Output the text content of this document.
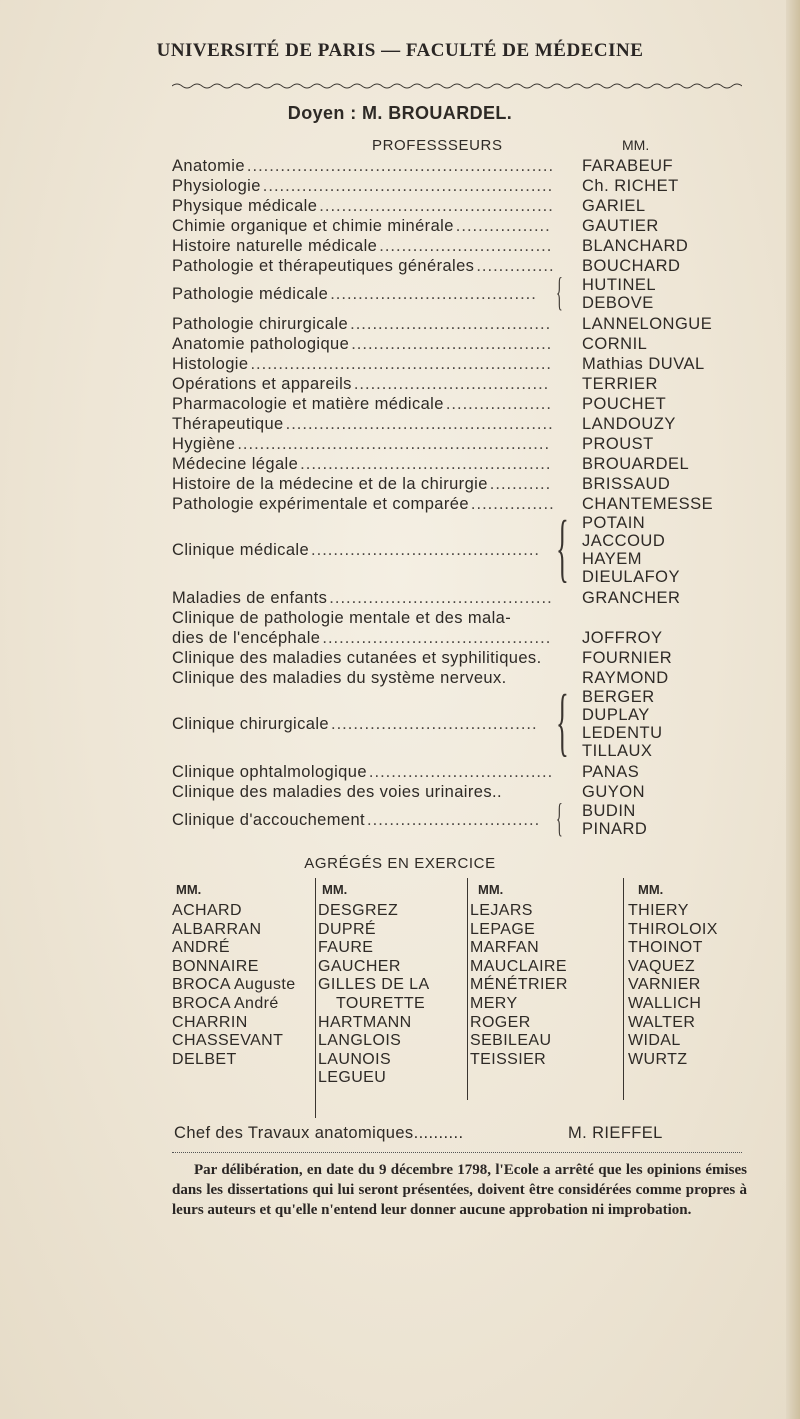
UNIVERSITÉ DE PARIS — FACULTÉ DE MÉDECINE
Doyen : M. BROUARDEL.
PROFESSSEURS	MM.
Anatomie ....................................................... FARABEUF
Physiologie .................................................... Ch. RICHET
Physique médicale .......................................... GARIEL
Chimie organique et chimie minérale ................. GAUTIER
Histoire naturelle médicale ............................... BLANCHARD
Pathologie et thérapeutiques générales .............. BOUCHARD
Pathologie médicale ..................................... { HUTINEL
DEBOVE
Pathologie chirurgicale .................................... LANNELONGUE
Anatomie pathologique .................................... CORNIL
Histologie ...................................................... Mathias DUVAL
Opérations et appareils ................................... TERRIER
Pharmacologie et matière médicale ................... POUCHET
Thérapeutique ................................................ LANDOUZY
Hygiène ........................................................ PROUST
Médecine légale ............................................. BROUARDEL
Histoire de la médecine et de la chirurgie ........... BRISSAUD
Pathologie expérimentale et comparée ............... CHANTEMESSE
Clinique médicale ......................................... { POTAIN
JACCOUD
HAYEM
DIEULAFOY
Maladies de enfants ........................................ GRANCHER
Clinique de pathologie mentale et des mala-
dies de l'encéphale ......................................... JOFFROY
Clinique des maladies cutanées et syphilitiques. FOURNIER
Clinique des maladies du système nerveux.	RAYMOND
Clinique chirurgicale ..................................... { BERGER
DUPLAY
LEDENTU
TILLAUX
Clinique ophtalmologique ................................. PANAS
Clinique des maladies des voies urinaires..	GUYON
Clinique d'accouchement ............................... { BUDIN
PINARD
AGRÉGÉS EN EXERCICE
MM.
ACHARD
ALBARRAN
ANDRÉ
BONNAIRE
BROCA Auguste
BROCA André
CHARRIN
CHASSEVANT
DELBET
MM.
DESGREZ
DUPRÉ
FAURE
GAUCHER
GILLES DE LA
TOURETTE
HARTMANN
LANGLOIS
LAUNOIS
LEGUEU
MM.
LEJARS
LEPAGE
MARFAN
MAUCLAIRE
MÉNÉTRIER
MERY
ROGER
SEBILEAU
TEISSIER
MM.
THIERY
THIROLOIX
THOINOT
VAQUEZ
VARNIER
WALLICH
WALTER
WIDAL
WURTZ
Chef des Travaux anatomiques..........	M. RIEFFEL
Par délibération, en date du 9 décembre 1798, l'Ecole a arrêté que les opinions émises dans les dissertations qui lui seront présentées, doivent être considérées comme propres à leurs auteurs et qu'elle n'entend leur donner aucune approbation ni improbation.
